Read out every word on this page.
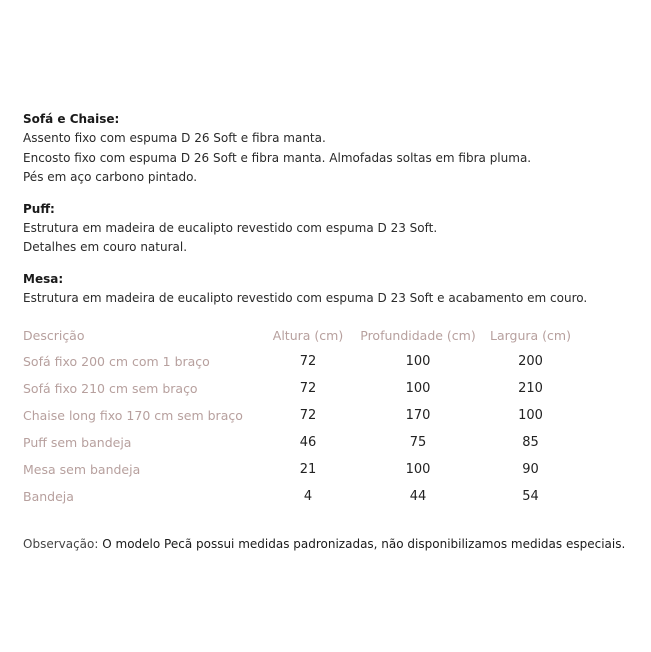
Sofá e Chaise:
Assento fixo com espuma D 26 Soft e fibra manta.
Encosto fixo com espuma D 26 Soft e fibra manta. Almofadas soltas em fibra pluma.
Pés em aço carbono pintado.
Puff:
Estrutura em madeira de eucalipto revestido com espuma D 23 Soft.
Detalhes em couro natural.
Mesa:
Estrutura em madeira de eucalipto revestido com espuma D 23 Soft e acabamento em couro.
Descrição	Altura (cm)	Profundidade (cm)	Largura (cm)
Sofá fixo 200 cm com 1 braço	72	100	200
Sofá fixo 210 cm sem braço	72	100	210
Chaise long fixo 170 cm sem braço	72	170	100
Puff sem bandeja	46	75	85
Mesa sem bandeja	21	100	90
Bandeja	4	44	54
Observação: O modelo Pecã possui medidas padronizadas, não disponibilizamos medidas especiais.
